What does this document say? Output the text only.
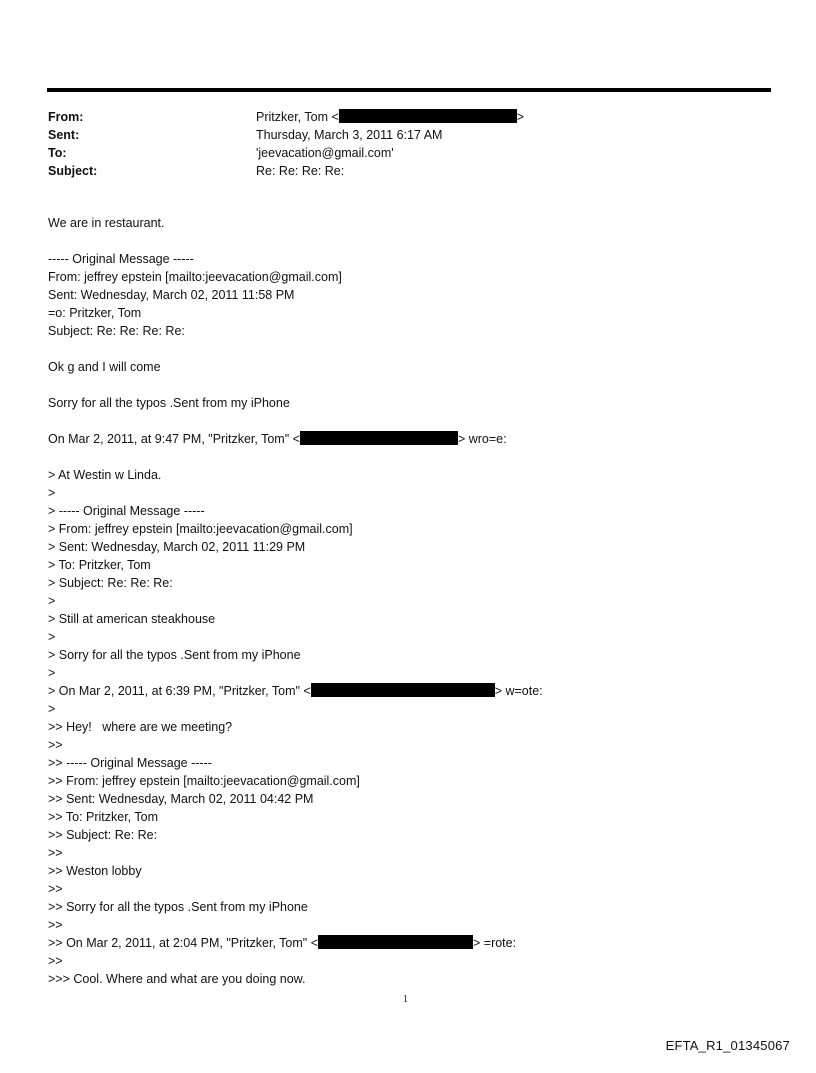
From:	Pritzker, Tom <	>
Sent:	Thursday, March 3, 2011 6:17 AM
To:	'jeevacation@gmail.com'
Subject:	Re: Re: Re: Re:
We are in restaurant.
----- Original Message -----
From: jeffrey epstein [mailto:jeevacation@gmail.com]
Sent: Wednesday, March 02, 2011 11:58 PM
=o: Pritzker, Tom
Subject: Re: Re: Re: Re:
Ok g and I will come
Sorry for all the typos .Sent from my iPhone
On Mar 2, 2011, at 9:47 PM, "Pritzker, Tom" <	> wro=e:
> At Westin w Linda.
>
> ----- Original Message -----
> From: jeffrey epstein [mailto:jeevacation@gmail.com]
> Sent: Wednesday, March 02, 2011 11:29 PM
> To: Pritzker, Tom
> Subject: Re: Re: Re:
>
> Still at american steakhouse
>
> Sorry for all the typos .Sent from my iPhone
>
> On Mar 2, 2011, at 6:39 PM, "Pritzker, Tom" <	> w=ote:
>
>> Hey!   where are we meeting?
>>
>> ----- Original Message -----
>> From: jeffrey epstein [mailto:jeevacation@gmail.com]
>> Sent: Wednesday, March 02, 2011 04:42 PM
>> To: Pritzker, Tom
>> Subject: Re: Re:
>>
>> Weston lobby
>>
>> Sorry for all the typos .Sent from my iPhone
>>
>> On Mar 2, 2011, at 2:04 PM, "Pritzker, Tom" <	> =rote:
>>
>>> Cool. Where and what are you doing now.
1
EFTA_R1_01345067
